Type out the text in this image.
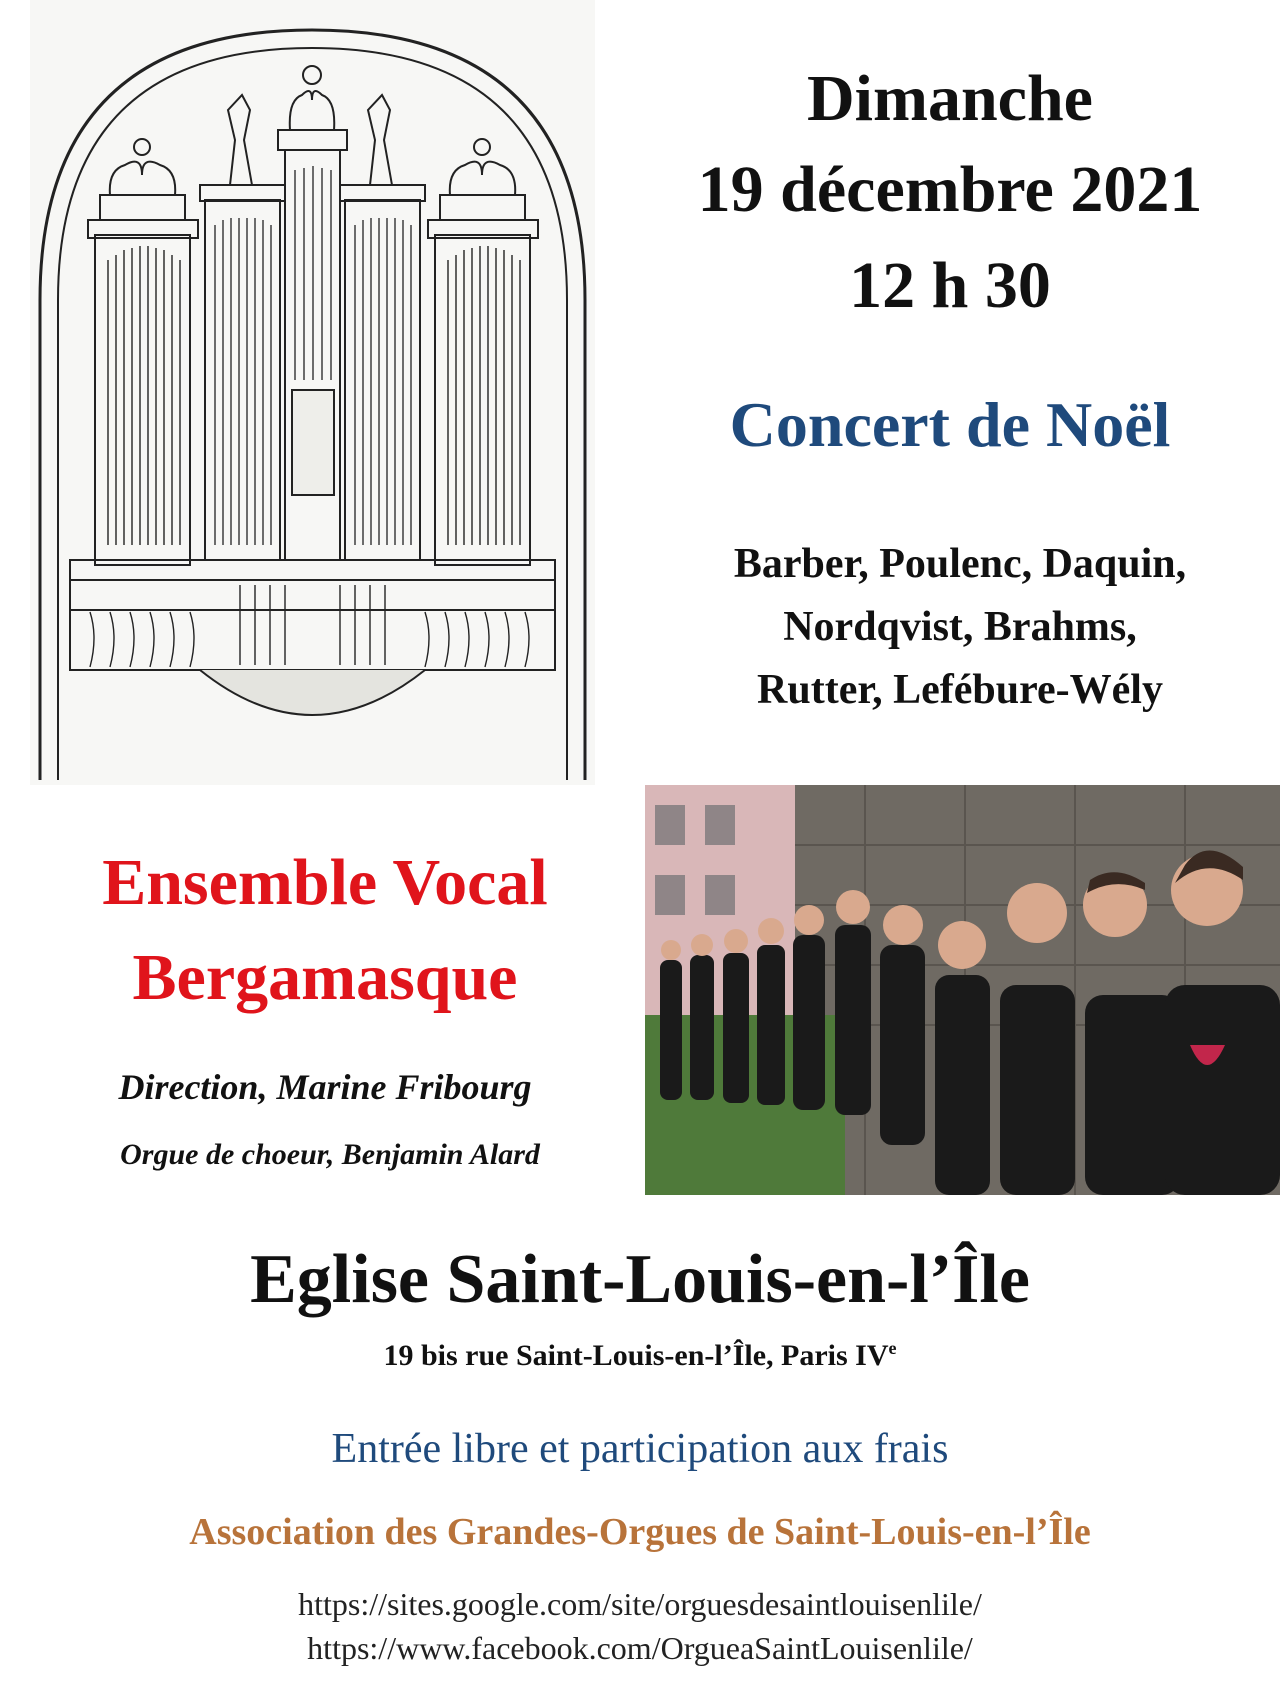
Dimanche
19 décembre 2021
12 h 30
Concert de Noël
Barber, Poulenc, Daquin,
Nordqvist, Brahms,
Rutter, Lefébure-Wély
Ensemble Vocal
Bergamasque
Direction, Marine Fribourg
Orgue de choeur, Benjamin Alard
Eglise Saint-Louis-en-l’Île
19 bis rue Saint-Louis-en-l’Île, Paris IVe
Entrée libre et participation aux frais
Association des Grandes-Orgues de Saint-Louis-en-l’Île
https://sites.google.com/site/orguesdesaintlouisenlile/
https://www.facebook.com/OrgueaSaintLouisenlile/
